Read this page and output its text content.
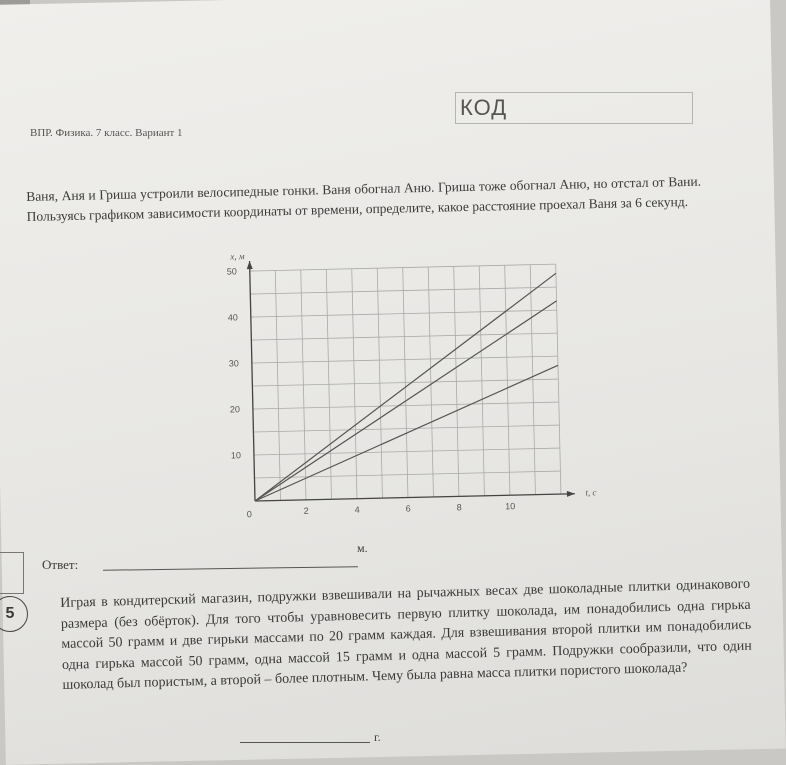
ВПР. Физика. 7 класс. Вариант 1
КОД
Ваня, Аня и Гриша устроили велосипедные гонки. Ваня обогнал Аню. Гриша тоже обогнал Аню, но отстал от Вани. Пользуясь графиком зависимости координаты от времени, определите, какое расстояние проехал Ваня за 6 секунд.
0	2	4	6	8	10
10
20
30
40
50
t, с
x, м
Ответ:
м.
5
Играя в кондитерский магазин, подружки взвешивали на рычажных весах две шоколадные плитки одинакового размера (без обёрток). Для того чтобы уравновесить первую плитку шоколада, им понадобились одна гирька массой 50 грамм и две гирьки массами по 20 грамм каждая. Для взвешивания второй плитки им понадобились одна гирька массой 50 грамм, одна массой 15 грамм и одна массой 5 грамм. Подружки сообразили, что один шоколад был пористым, а второй – более плотным. Чему была равна масса плитки пористого шоколада?
г.
